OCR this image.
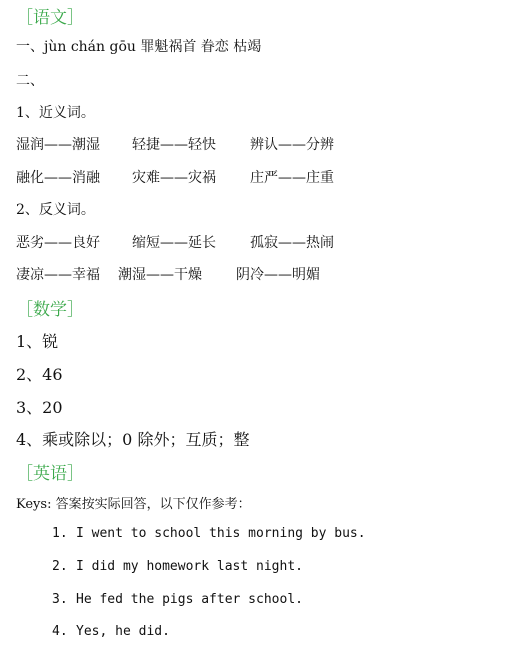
［语文］
一、jùn chán gōu 罪魁祸首 眷恋 枯竭
二、
1、近义词。
湿润——潮湿 轻捷——轻快 辨认——分辨
融化——消融 灾难——灾祸 庄严——庄重
2、反义词。
恶劣——良好 缩短——延长 孤寂——热闹
凄凉——幸福 潮湿——干燥 阴冷——明媚
［数学］
1、锐
2、46
3、20
4、乘或除以；0 除外；互质；整
［英语］
Keys: 答案按实际回答，以下仅作参考：
1. I went to school this morning by bus.
2. I did my homework last night.
3. He fed the pigs after school.
4. Yes, he did.
